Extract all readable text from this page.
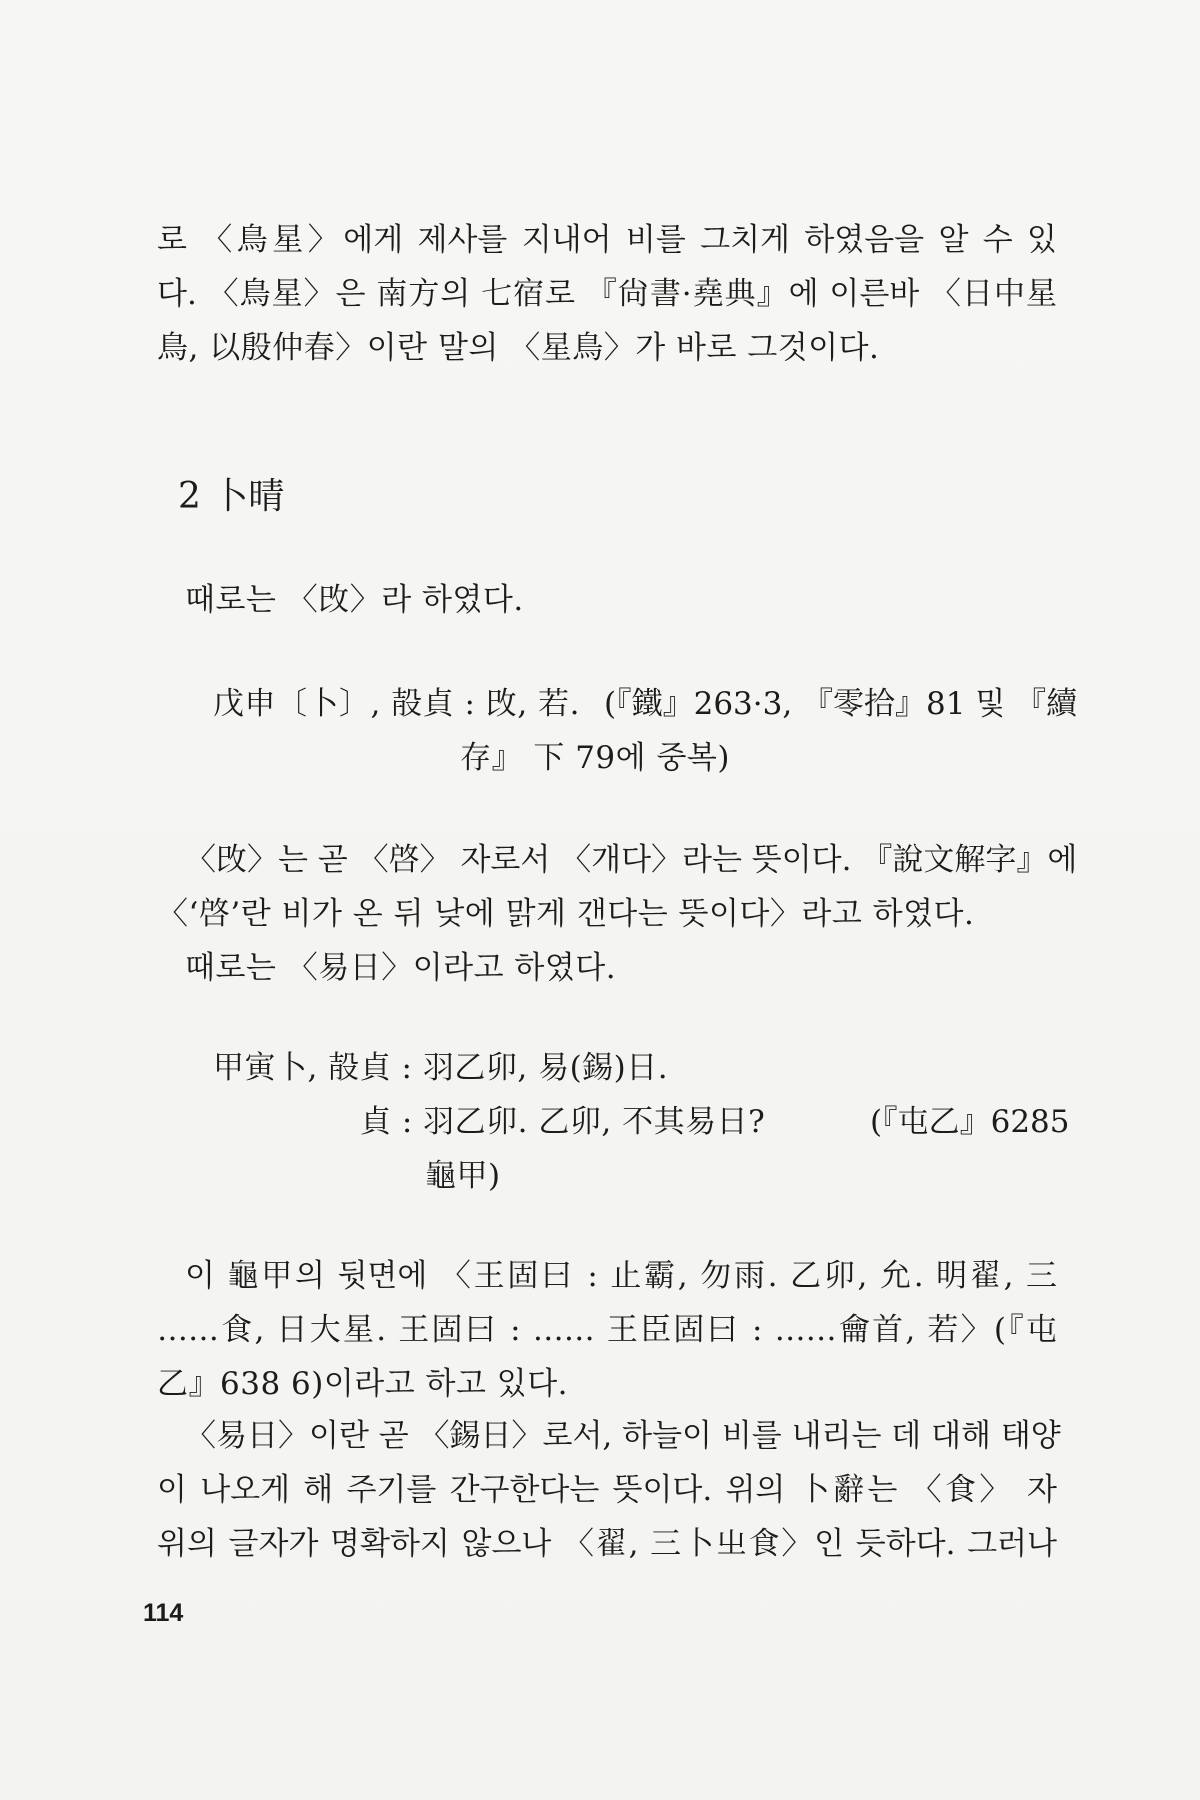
로 〈鳥星〉에게 제사를 지내어 비를 그치게 하였음을 알 수 있
다. 〈鳥星〉은 南方의 七宿로 『尙書·堯典』에 이른바 〈日中星
鳥, 以殷仲春〉이란 말의 〈星鳥〉가 바로 그것이다.
2 卜晴
때로는 〈攺〉라 하였다.
戊申〔卜〕, 㱿貞 : 攺, 若. (『鐵』263·3, 『零拾』81 및 『續
存』 下 79에 중복)
〈攺〉는 곧 〈啓〉 자로서 〈개다〉라는 뜻이다. 『說文解字』에
〈‘啓’란 비가 온 뒤 낮에 맑게 갠다는 뜻이다〉라고 하였다.
때로는 〈易日〉이라고 하였다.
甲寅卜, 㱿貞 : 羽乙卯, 易(錫)日.
貞 : 羽乙卯. 乙卯, 不其易日?	(『屯乙』6285
龜甲)
이 龜甲의 뒷면에 〈王固曰 : 止霸, 勿雨. 乙卯, 允. 明翟, 三
……食, 日大星. 王固曰 : …… 王臣固曰 : ……龠首, 若〉(『屯
乙』638 6)이라고 하고 있다.
〈易日〉이란 곧 〈錫日〉로서, 하늘이 비를 내리는 데 대해 태양
이 나오게 해 주기를 간구한다는 뜻이다. 위의 卜辭는 〈食〉 자
위의 글자가 명확하지 않으나 〈翟, 三卜㞢食〉인 듯하다. 그러나
114
